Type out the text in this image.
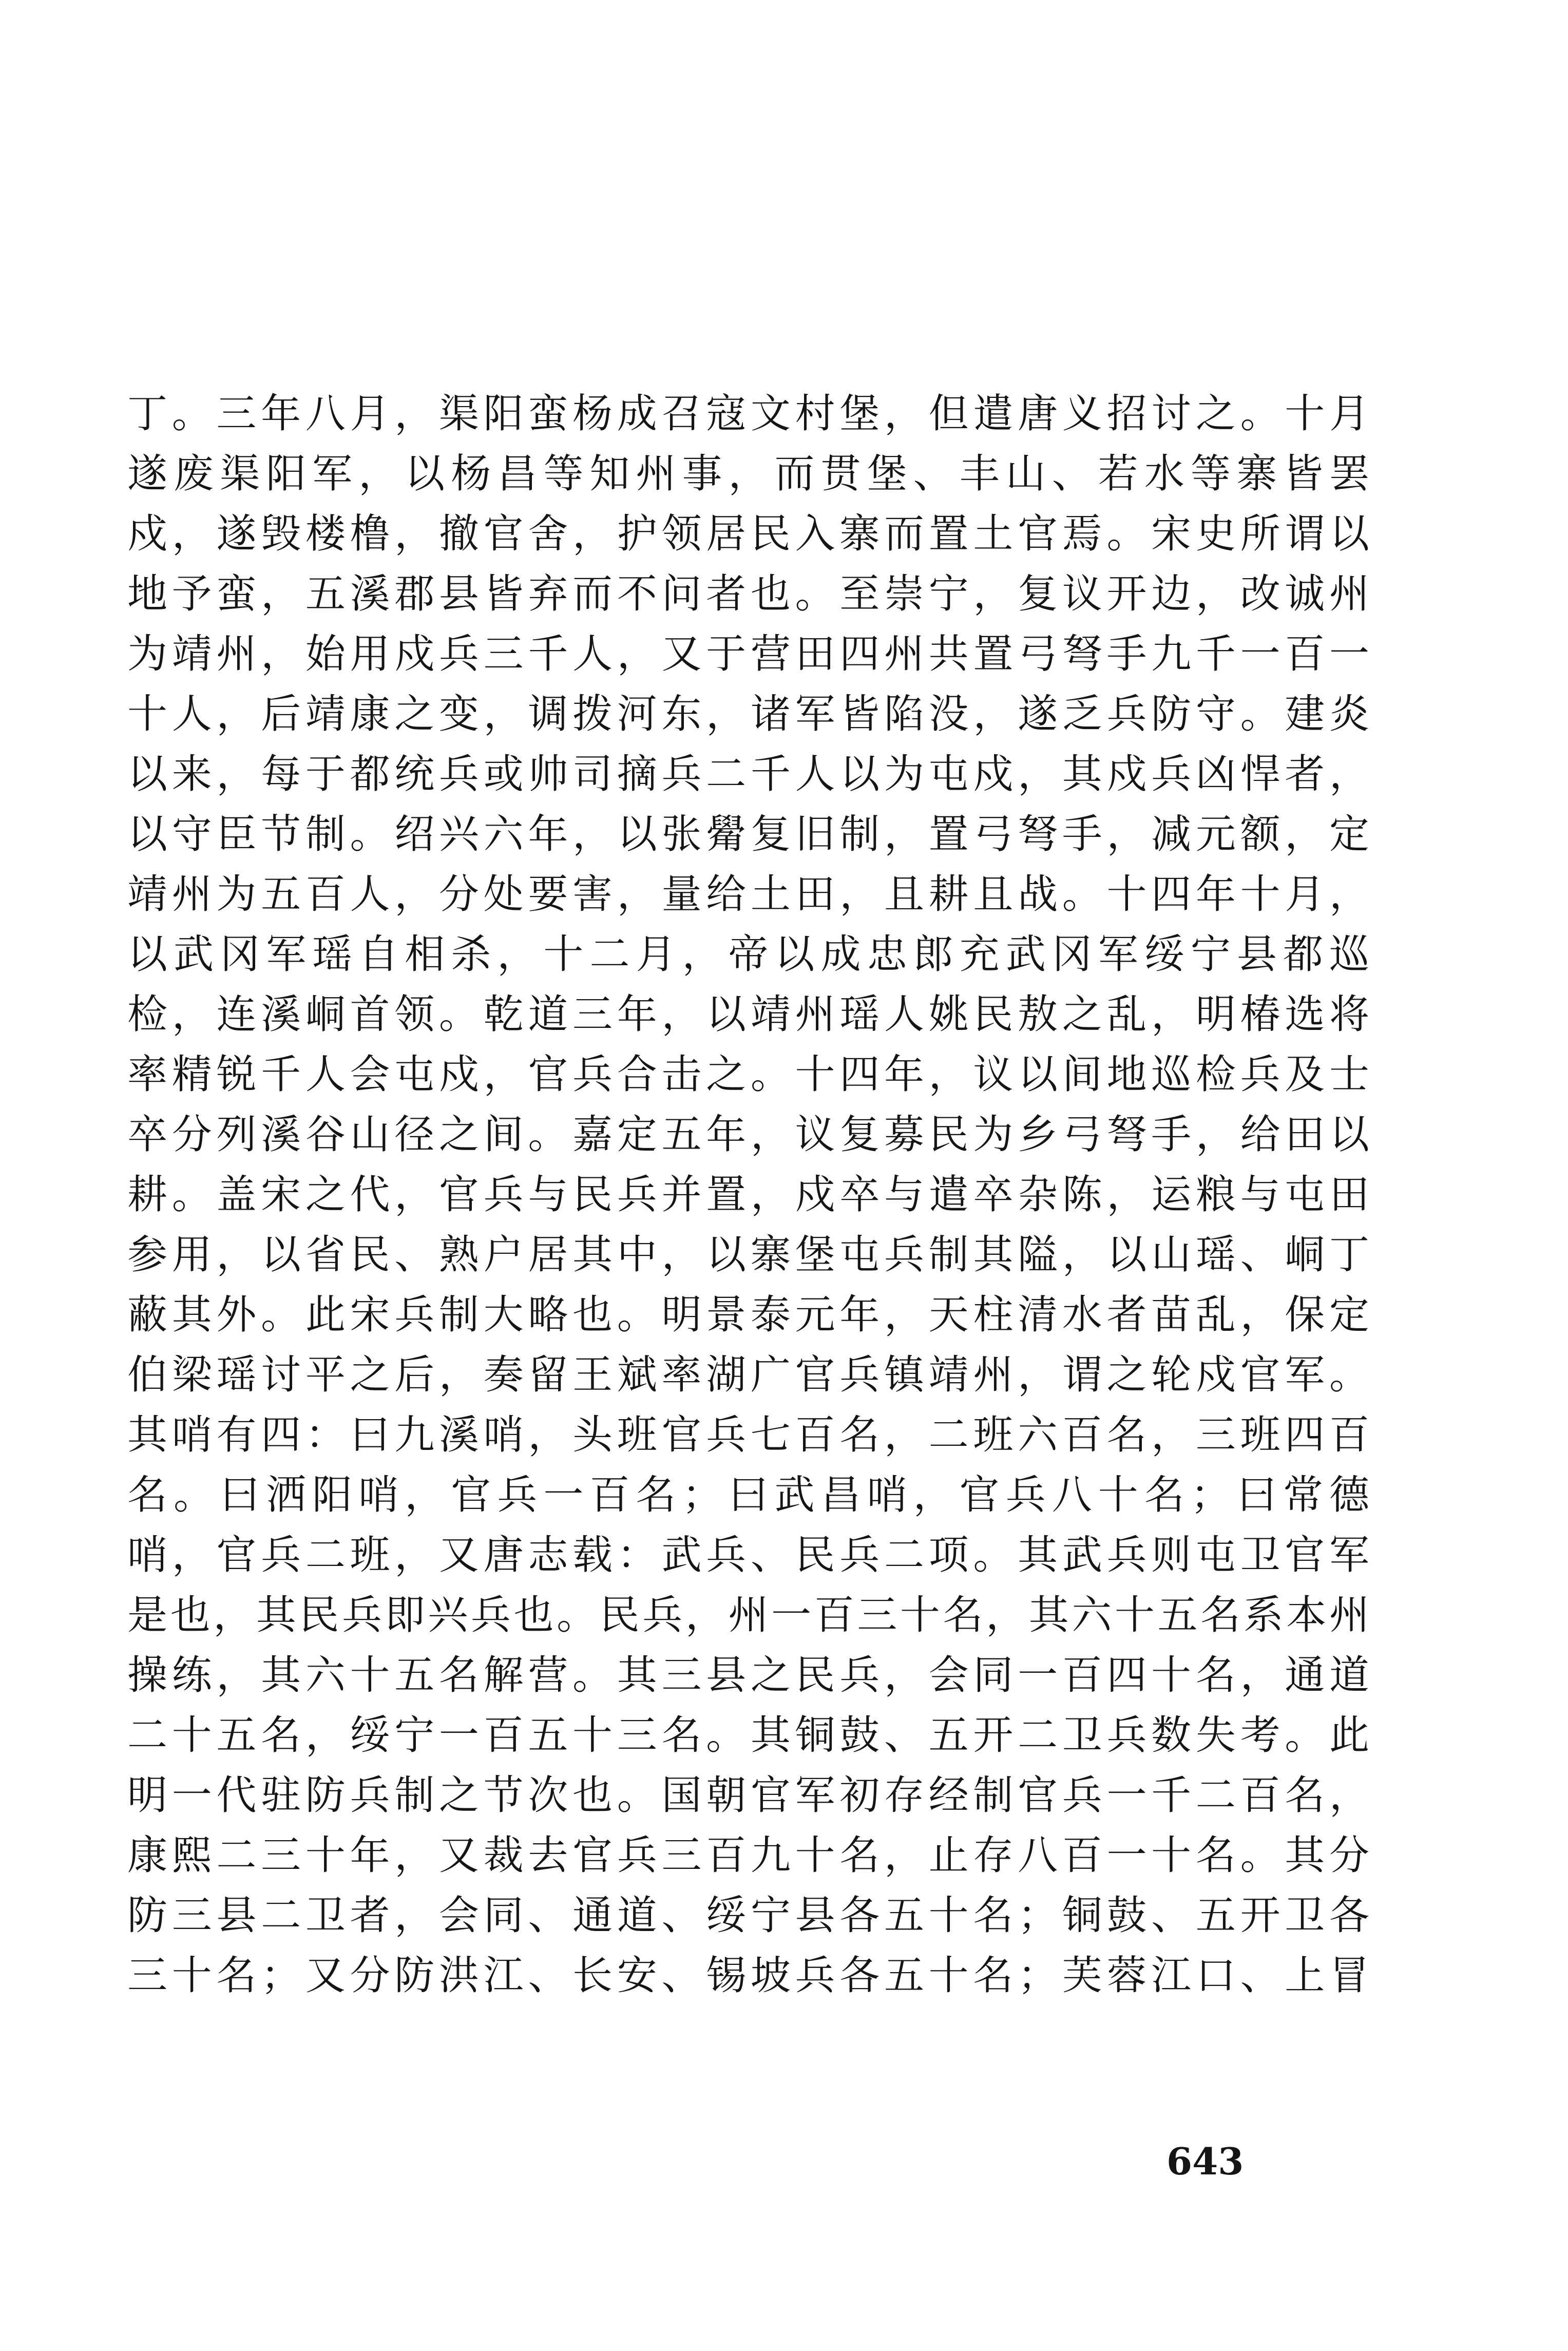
丁。三年八月，渠阳蛮杨成召寇文村堡，但遣唐义招讨之。十月
遂废渠阳军，以杨昌等知州事，而贯堡、丰山、若水等寨皆罢
戍，遂毁楼橹，撤官舍，护领居民入寨而置土官焉。宋史所谓以
地予蛮，五溪郡县皆弃而不问者也。至崇宁，复议开边，改诚州
为靖州，始用戍兵三千人，又于营田四州共置弓弩手九千一百一
十人，后靖康之变，调拨河东，诸军皆陷没，遂乏兵防守。建炎
以来，每于都统兵或帅司摘兵二千人以为屯戍，其戍兵凶悍者，
以守臣节制。绍兴六年，以张觷复旧制，置弓弩手，减元额，定
靖州为五百人，分处要害，量给土田，且耕且战。十四年十月，
以武冈军瑶自相杀，十二月，帝以成忠郎充武冈军绥宁县都巡
检，连溪峒首领。乾道三年，以靖州瑶人姚民敖之乱，明椿选将
率精锐千人会屯戍，官兵合击之。十四年，议以间地巡检兵及士
卒分列溪谷山径之间。嘉定五年，议复募民为乡弓弩手，给田以
耕。盖宋之代，官兵与民兵并置，戍卒与遣卒杂陈，运粮与屯田
参用，以省民、熟户居其中，以寨堡屯兵制其隘，以山瑶、峒丁
蔽其外。此宋兵制大略也。明景泰元年，天柱清水者苗乱，保定
伯梁瑶讨平之后，奏留王斌率湖广官兵镇靖州，谓之轮戍官军。
其哨有四：曰九溪哨，头班官兵七百名，二班六百名，三班四百
名。曰洒阳哨，官兵一百名；曰武昌哨，官兵八十名；曰常德
哨，官兵二班，又唐志载：武兵、民兵二项。其武兵则屯卫官军
是也，其民兵即兴兵也。民兵，州一百三十名，其六十五名系本州
操练，其六十五名解营。其三县之民兵，会同一百四十名，通道
二十五名，绥宁一百五十三名。其铜鼓、五开二卫兵数失考。此
明一代驻防兵制之节次也。国朝官军初存经制官兵一千二百名，
康熙二三十年，又裁去官兵三百九十名，止存八百一十名。其分
防三县二卫者，会同、通道、绥宁县各五十名；铜鼓、五开卫各
三十名；又分防洪江、长安、锡坡兵各五十名；芙蓉江口、上冒
643
